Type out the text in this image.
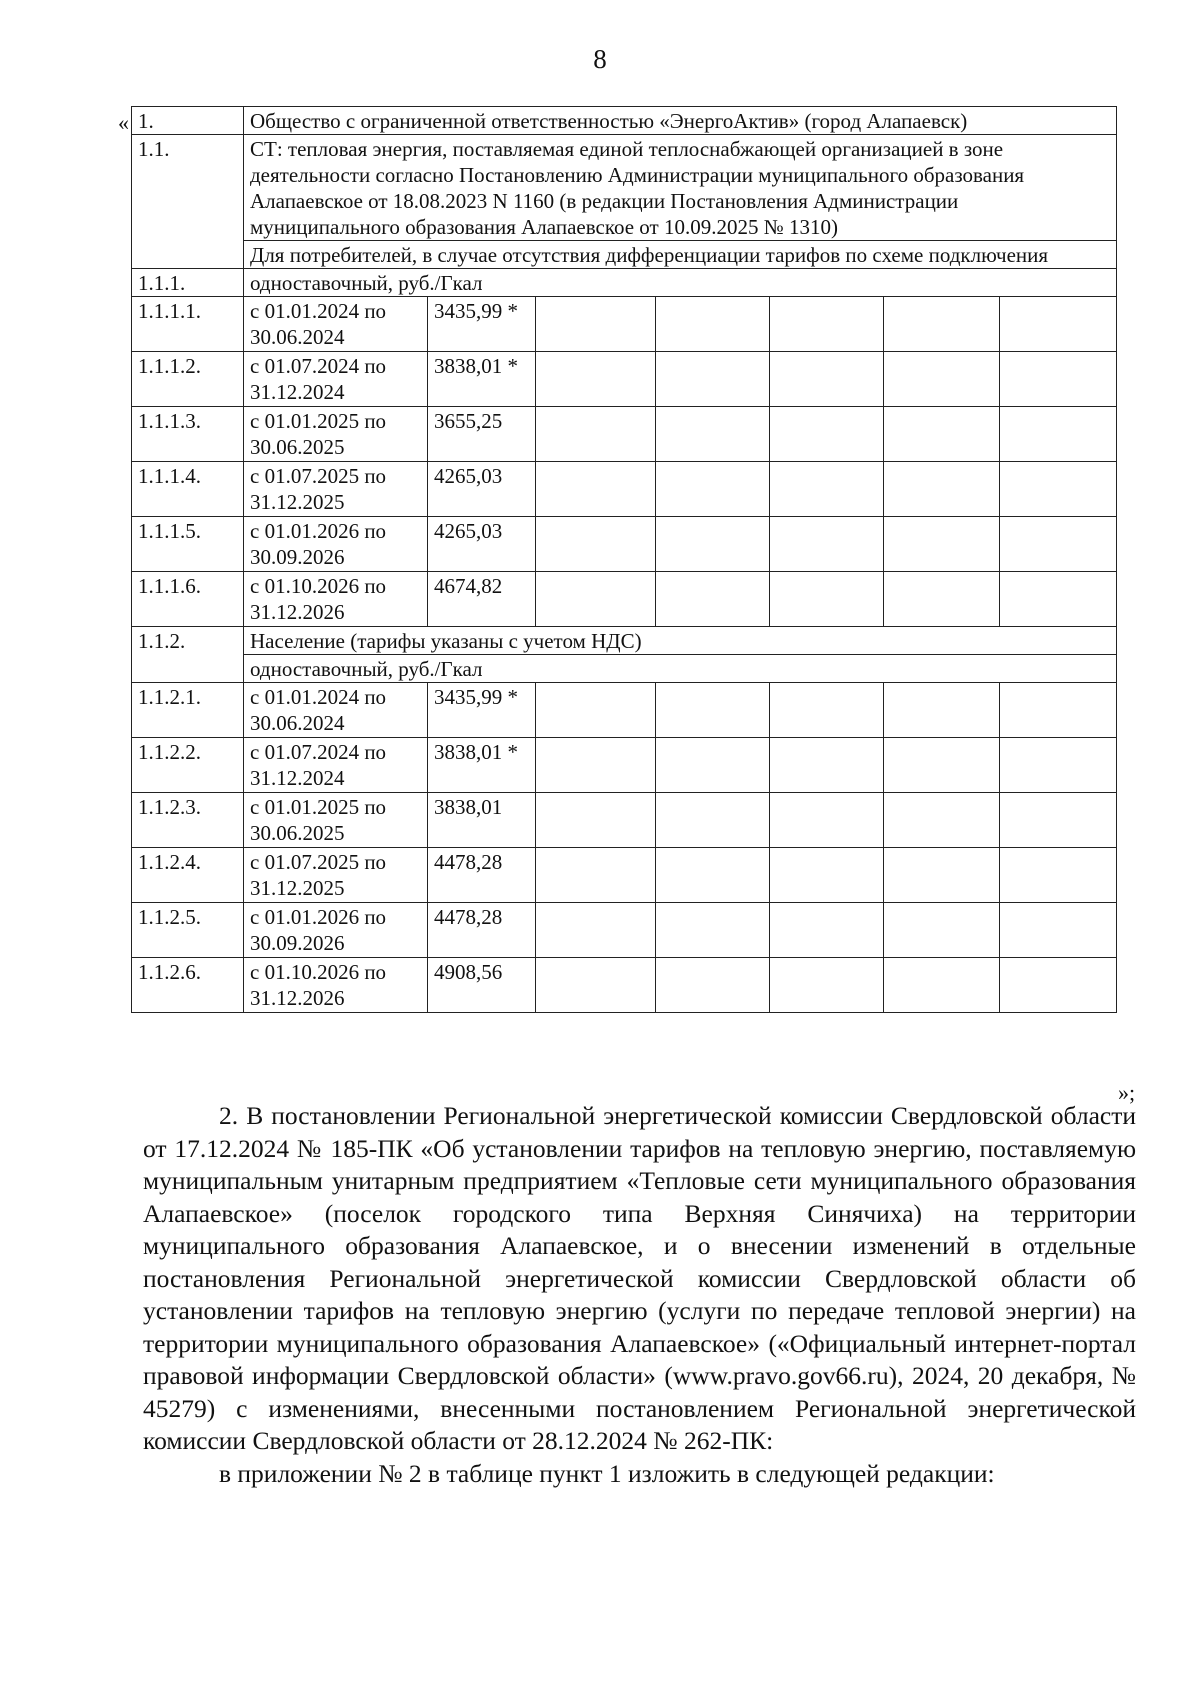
8
«
»;
1.	Общество с ограниченной ответственностью «ЭнергоАктив» (город Алапаевск)						
1.1.	СТ: тепловая энергия, поставляемая единой теплоснабжающей организацией в зоне деятельности согласно Постановлению Администрации муниципального образования Алапаевское от 18.08.2023 N 1160 (в редакции Постановления Администрации муниципального образования Алапаевское от 10.09.2025 № 1310)						
	Для потребителей, в случае отсутствия дифференциации тарифов по схеме подключения						
1.1.1.	одноставочный, руб./Гкал						
1.1.1.1.	с 01.01.2024 по 30.06.2024	3435,99 *					
1.1.1.2.	с 01.07.2024 по 31.12.2024	3838,01 *					
1.1.1.3.	с 01.01.2025 по 30.06.2025	3655,25					
1.1.1.4.	с 01.07.2025 по 31.12.2025	4265,03					
1.1.1.5.	с 01.01.2026 по 30.09.2026	4265,03					
1.1.1.6.	с 01.10.2026 по 31.12.2026	4674,82					
1.1.2.	Население (тарифы указаны с учетом НДС)						
	одноставочный, руб./Гкал						
1.1.2.1.	с 01.01.2024 по 30.06.2024	3435,99 *					
1.1.2.2.	с 01.07.2024 по 31.12.2024	3838,01 *					
1.1.2.3.	с 01.01.2025 по 30.06.2025	3838,01					
1.1.2.4.	с 01.07.2025 по 31.12.2025	4478,28					
1.1.2.5.	с 01.01.2026 по 30.09.2026	4478,28					
1.1.2.6.	с 01.10.2026 по 31.12.2026	4908,56					

2. В постановлении Региональной энергетической комиссии Свердловской области от 17.12.2024 № 185-ПК «Об установлении тарифов на тепловую энергию, поставляемую муниципальным унитарным предприятием «Тепловые сети муниципального образования Алапаевское» (поселок городского типа Верхняя Синячиха) на территории муниципального образования Алапаевское, и о внесении изменений в отдельные постановления Региональной энергетической комиссии Свердловской области об установлении тарифов на тепловую энергию (услуги по передаче тепловой энергии) на территории муниципального образования Алапаевское» («Официальный интернет-портал правовой информации Свердловской области» (www.pravo.gov66.ru), 2024, 20 декабря, № 45279) с изменениями, внесенными постановлением Региональной энергетической комиссии Свердловской области от 28.12.2024 № 262-ПК:

в приложении № 2 в таблице пункт 1 изложить в следующей редакции:
